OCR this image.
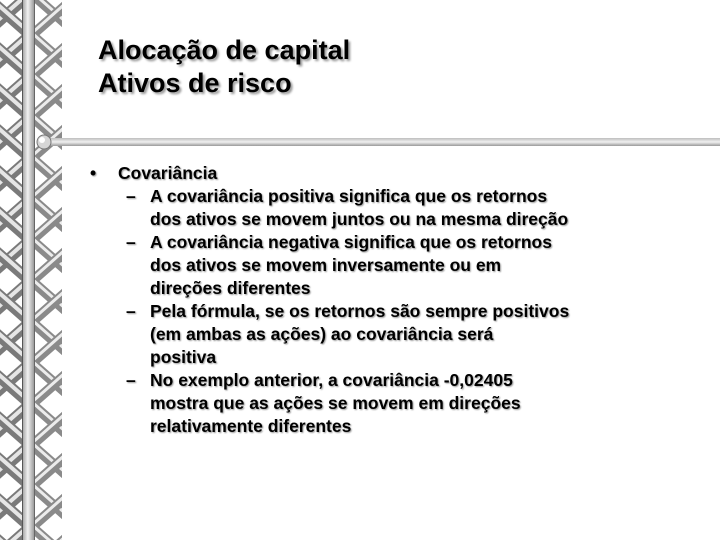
Alocação de capital
Ativos de risco
• Covariância
– A covariância positiva significa que os retornos
dos ativos se movem juntos ou na mesma direção
– A covariância negativa significa que os retornos
dos ativos se movem inversamente ou em
direções diferentes
– Pela fórmula, se os retornos são sempre positivos
(em ambas as ações) ao covariância será
positiva
– No exemplo anterior, a covariância -0,02405
mostra que as ações se movem em direções
relativamente diferentes
